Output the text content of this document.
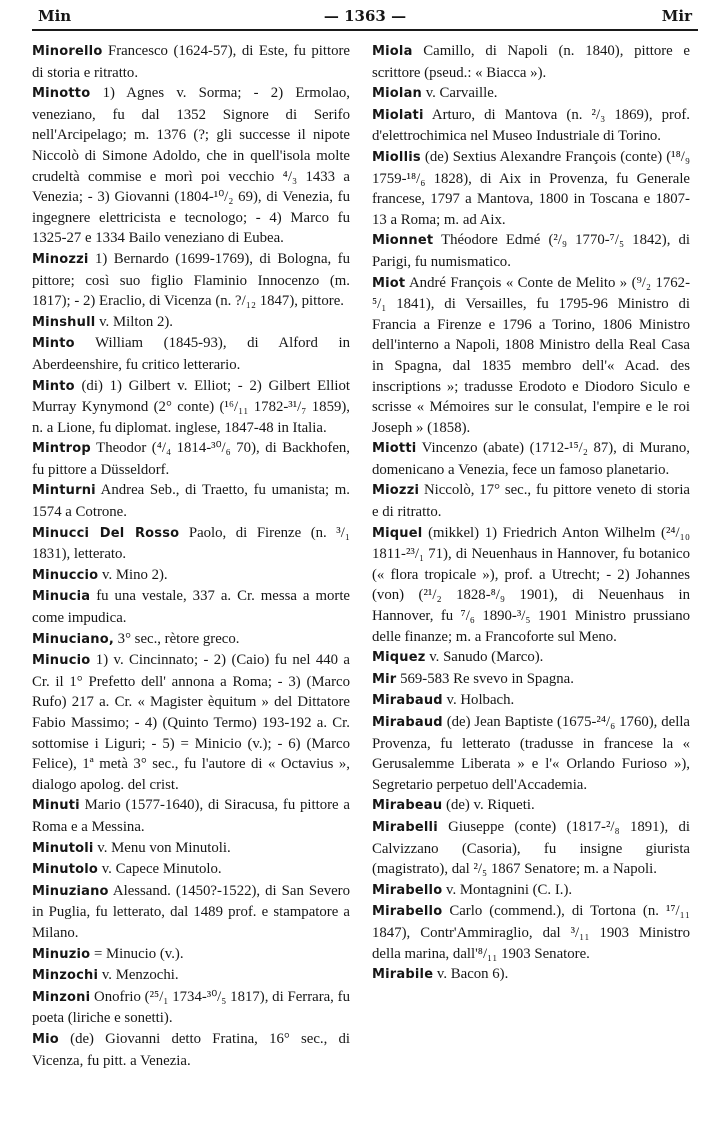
Min	— 1363 —	Mir

Minorello Francesco (1624-57), di Este, fu pittore di storia e ritratto.

Minotto 1) Agnes v. Sorma; - 2) Ermolao, veneziano, fu dal 1352 Signore di Serifo nell'Arcipelago; m. 1376 (?; gli successe il nipote Niccolò di Simone Adoldo, che in quell'isola molte crudeltà commise e morì poi vecchio ⁴/₃ 1433 a Venezia; - 3) Giovanni (1804-¹⁰/₂ 69), di Venezia, fu ingegnere elettricista e tecnologo; - 4) Marco fu 1325-27 e 1334 Bailo veneziano di Eubea.

Minozzi 1) Bernardo (1699-1769), di Bologna, fu pittore; così suo figlio Flaminio Innocenzo (m. 1817); - 2) Eraclio, di Vicenza (n. ?/₁₂ 1847), pittore.

Minshull v. Milton 2).

Minto William (1845-93), di Alford in Aberdeenshire, fu critico letterario.

Minto (di) 1) Gilbert v. Elliot; - 2) Gilbert Elliot Murray Kynymond (2° conte) (¹⁶/₁₁ 1782-³¹/₇ 1859), n. a Lione, fu diplomat. inglese, 1847-48 in Italia.

Mintrop Theodor (⁴/₄ 1814-³⁰/₆ 70), di Backhofen, fu pittore a Düsseldorf.

Minturni Andrea Seb., di Traetto, fu umanista; m. 1574 a Cotrone.

Minucci Del Rosso Paolo, di Firenze (n. ³/₁ 1831), letterato.

Minuccio v. Mino 2).

Minucia fu una vestale, 337 a. Cr. messa a morte come impudica.

Minuciano, 3° sec., rètore greco.

Minucio 1) v. Cincinnato; - 2) (Caio) fu nel 440 a Cr. il 1° Prefetto dell' annona a Roma; - 3) (Marco Rufo) 217 a. Cr. « Magister èquitum » del Dittatore Fabio Massimo; - 4) (Quinto Termo) 193-192 a. Cr. sottomise i Liguri; - 5) = Minicio (v.); - 6) (Marco Felice), 1ª metà 3° sec., fu l'autore di « Octavius », dialogo apolog. del crist.

Minuti Mario (1577-1640), di Siracusa, fu pittore a Roma e a Messina.

Minutoli v. Menu von Minutoli.

Minutolo v. Capece Minutolo.

Minuziano Alessand. (1450?-1522), di San Severo in Puglia, fu letterato, dal 1489 prof. e stampatore a Milano.

Minuzio = Minucio (v.).

Minzochi v. Menzochi.

Minzoni Onofrio (²⁵/₁ 1734-³⁰/₅ 1817), di Ferrara, fu poeta (liriche e sonetti).

Mio (de) Giovanni detto Fratina, 16° sec., di Vicenza, fu pitt. a Venezia.

Miola Camillo, di Napoli (n. 1840), pittore e scrittore (pseud.: « Biacca »).

Miolan v. Carvaille.

Miolati Arturo, di Mantova (n. ²/₃ 1869), prof. d'elettrochimica nel Museo Industriale di Torino.

Miollis (de) Sextius Alexandre François (conte) (¹⁸/₉ 1759-¹⁸/₆ 1828), di Aix in Provenza, fu Generale francese, 1797 a Mantova, 1800 in Toscana e 1807-13 a Roma; m. ad Aix.

Mionnet Théodore Edmé (²/₉ 1770-⁷/₅ 1842), di Parigi, fu numismatico.

Miot André François « Conte de Melito » (⁹/₂ 1762-⁵/₁ 1841), di Versailles, fu 1795-96 Ministro di Francia a Firenze e 1796 a Torino, 1806 Ministro dell'interno a Napoli, 1808 Ministro della Real Casa in Spagna, dal 1835 membro dell'« Acad. des inscriptions »; tradusse Erodoto e Diodoro Siculo e scrisse « Mémoires sur le consulat, l'empire e le roi Joseph » (1858).

Miotti Vincenzo (abate) (1712-¹⁵/₂ 87), di Murano, domenicano a Venezia, fece un famoso planetario.

Miozzi Niccolò, 17° sec., fu pittore veneto di storia e di ritratto.

Miquel (mikkel) 1) Friedrich Anton Wilhelm (²⁴/₁₀ 1811-²³/₁ 71), di Neuenhaus in Hannover, fu botanico (« flora tropicale »), prof. a Utrecht; - 2) Johannes (von) (²¹/₂ 1828-⁸/₉ 1901), di Neuenhaus in Hannover, fu ⁷/₆ 1890-³/₅ 1901 Ministro prussiano delle finanze; m. a Francoforte sul Meno.

Miquez v. Sanudo (Marco).

Mir 569-583 Re svevo in Spagna.

Mirabaud v. Holbach.

Mirabaud (de) Jean Baptiste (1675-²⁴/₆ 1760), della Provenza, fu letterato (tradusse in francese la « Gerusalemme Liberata » e l'« Orlando Furioso »), Segretario perpetuo dell'Accademia.

Mirabeau (de) v. Riqueti.

Mirabelli Giuseppe (conte) (1817-²/₈ 1891), di Calvizzano (Casoria), fu insigne giurista (magistrato), dal ²/₅ 1867 Senatore; m. a Napoli.

Mirabello v. Montagnini (C. I.).

Mirabello Carlo (commend.), di Tortona (n. ¹⁷/₁₁ 1847), Contr'Ammiraglio, dal ³/₁₁ 1903 Ministro della marina, dall'⁸/₁₁ 1903 Senatore.

Mirabile v. Bacon 6).
